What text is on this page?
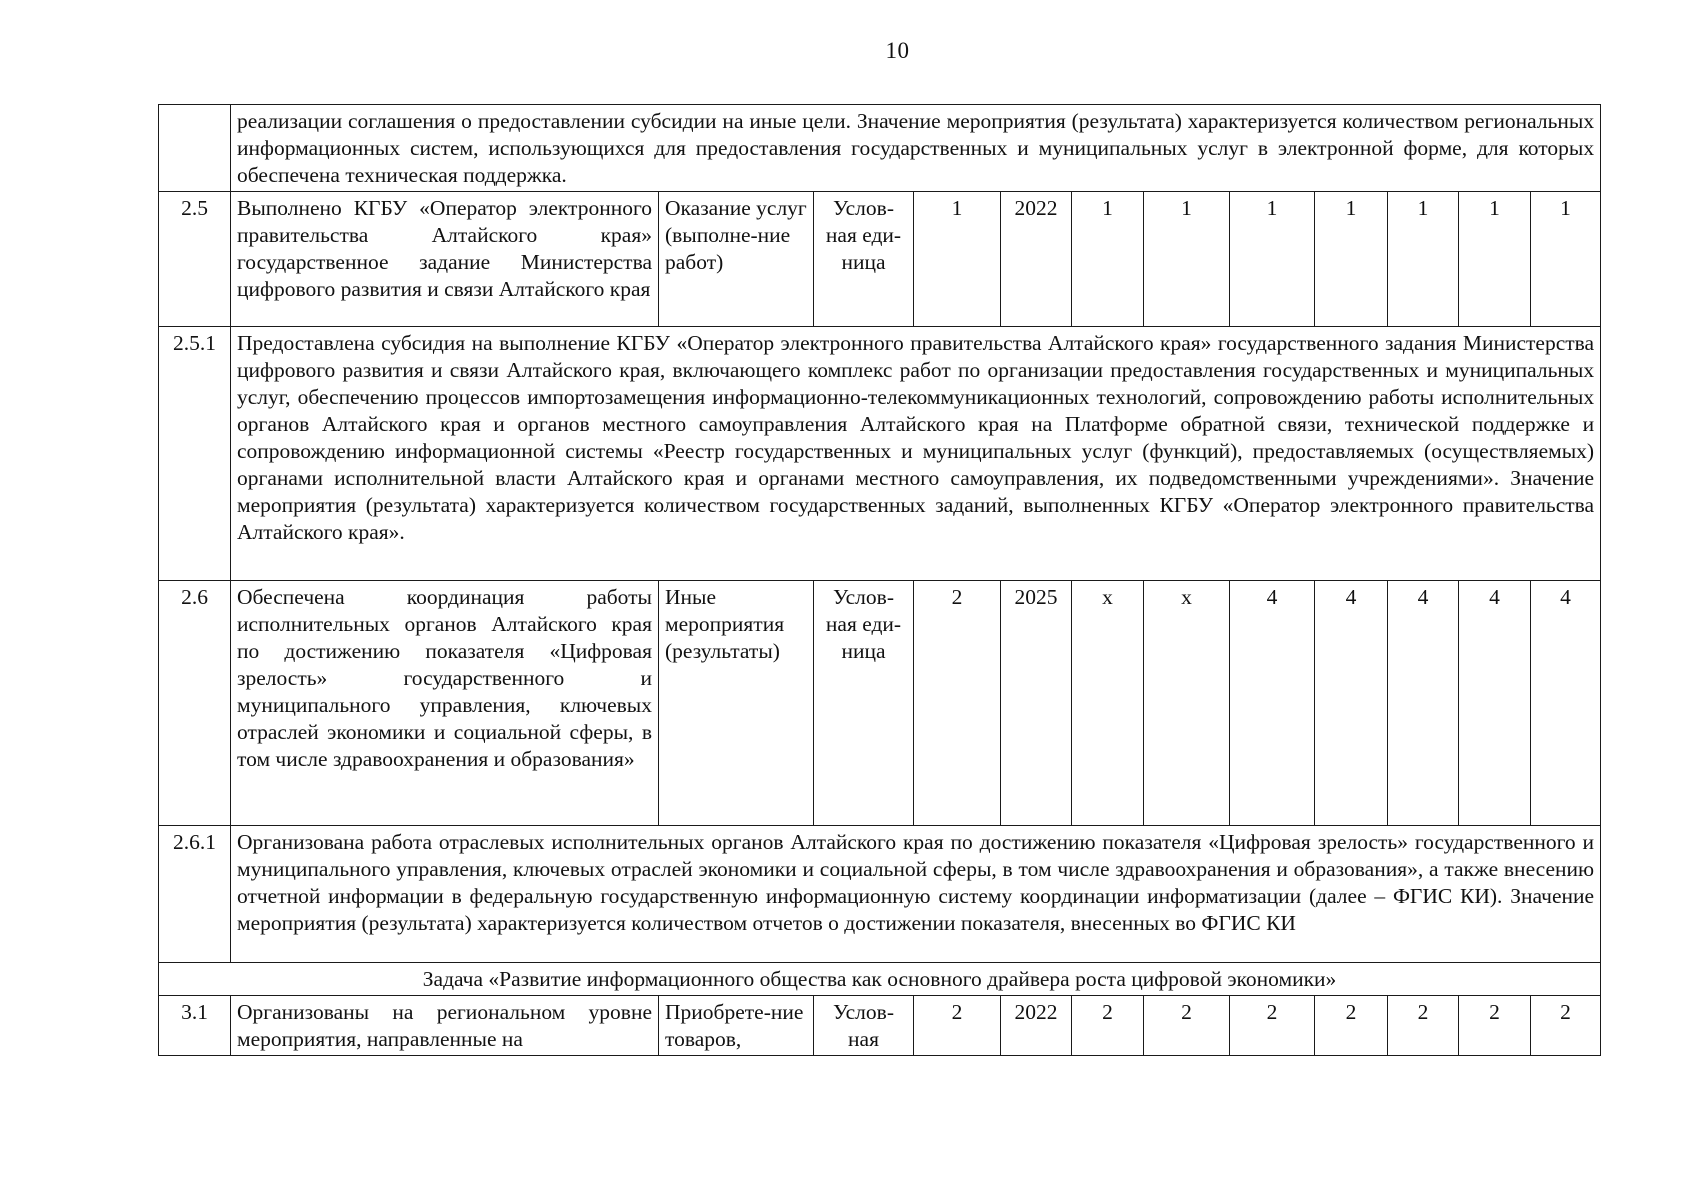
10
	реализации соглашения о предоставлении субсидии на иные цели. Значение мероприятия (результата) характеризуется количеством региональных информационных систем, использующихся для предоставления государственных и муниципальных услуг в электронной форме, для которых обеспечена техническая поддержка.											
2.5	Выполнено КГБУ «Оператор электронного правительства Алтайского края» государственное задание Министерства цифрового развития и связи Алтайского края	Оказание услуг (выполне-ние работ)	Услов-ная еди-ница	1	2022	1	1	1	1	1	1	1
2.5.1	Предоставлена субсидия на выполнение КГБУ «Оператор электронного правительства Алтайского края» государственного задания Министерства цифрового развития и связи Алтайского края, включающего комплекс работ по организации предоставления государственных и муниципальных услуг, обеспечению процессов импортозамещения информационно-телекоммуникационных технологий, сопровождению работы исполнительных органов Алтайского края и органов местного самоуправления Алтайского края на Платформе обратной связи, технической поддержке и сопровождению информационной системы «Реестр государственных и муниципальных услуг (функций), предоставляемых (осуществляемых) органами исполнительной власти Алтайского края и органами местного самоуправления, их подведомственными учреждениями». Значение мероприятия (результата) характеризуется количеством государственных заданий, выполненных КГБУ «Оператор электронного правительства Алтайского края».											
2.6	Обеспечена координация работы исполнительных органов Алтайского края по достижению показателя «Цифровая зрелость» государственного и муниципального управления, ключевых отраслей экономики и социальной сферы, в том числе здравоохранения и образования»	Иные мероприятия (результаты)	Услов-ная еди-ница	2	2025	x	x	4	4	4	4	4
2.6.1	Организована работа отраслевых исполнительных органов Алтайского края по достижению показателя «Цифровая зрелость» государственного и муниципального управления, ключевых отраслей экономики и социальной сферы, в том числе здравоохранения и образования», а также внесению отчетной информации в федеральную государственную информационную систему координации информатизации (далее – ФГИС КИ). Значение мероприятия (результата) характеризуется количеством отчетов о достижении показателя, внесенных во ФГИС КИ											
Задача «Развитие информационного общества как основного драйвера роста цифровой экономики»												
3.1	Организованы на региональном уровне мероприятия, направленные на	Приобрете-ние товаров,	Услов-ная	2	2022	2	2	2	2	2	2	2
